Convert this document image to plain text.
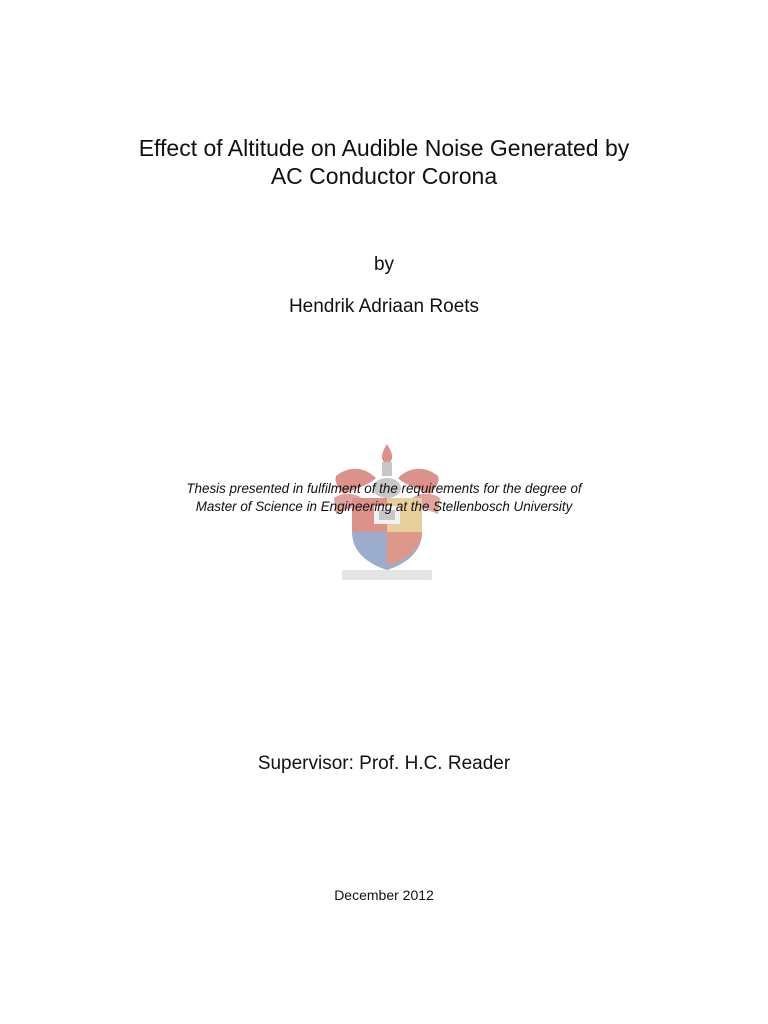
Effect of Altitude on Audible Noise Generated by
AC Conductor Corona
by
Hendrik Adriaan Roets
Thesis presented in fulfilment of the requirements for the degree of
Master of Science in Engineering at the Stellenbosch University
Supervisor: Prof. H.C. Reader
December 2012
